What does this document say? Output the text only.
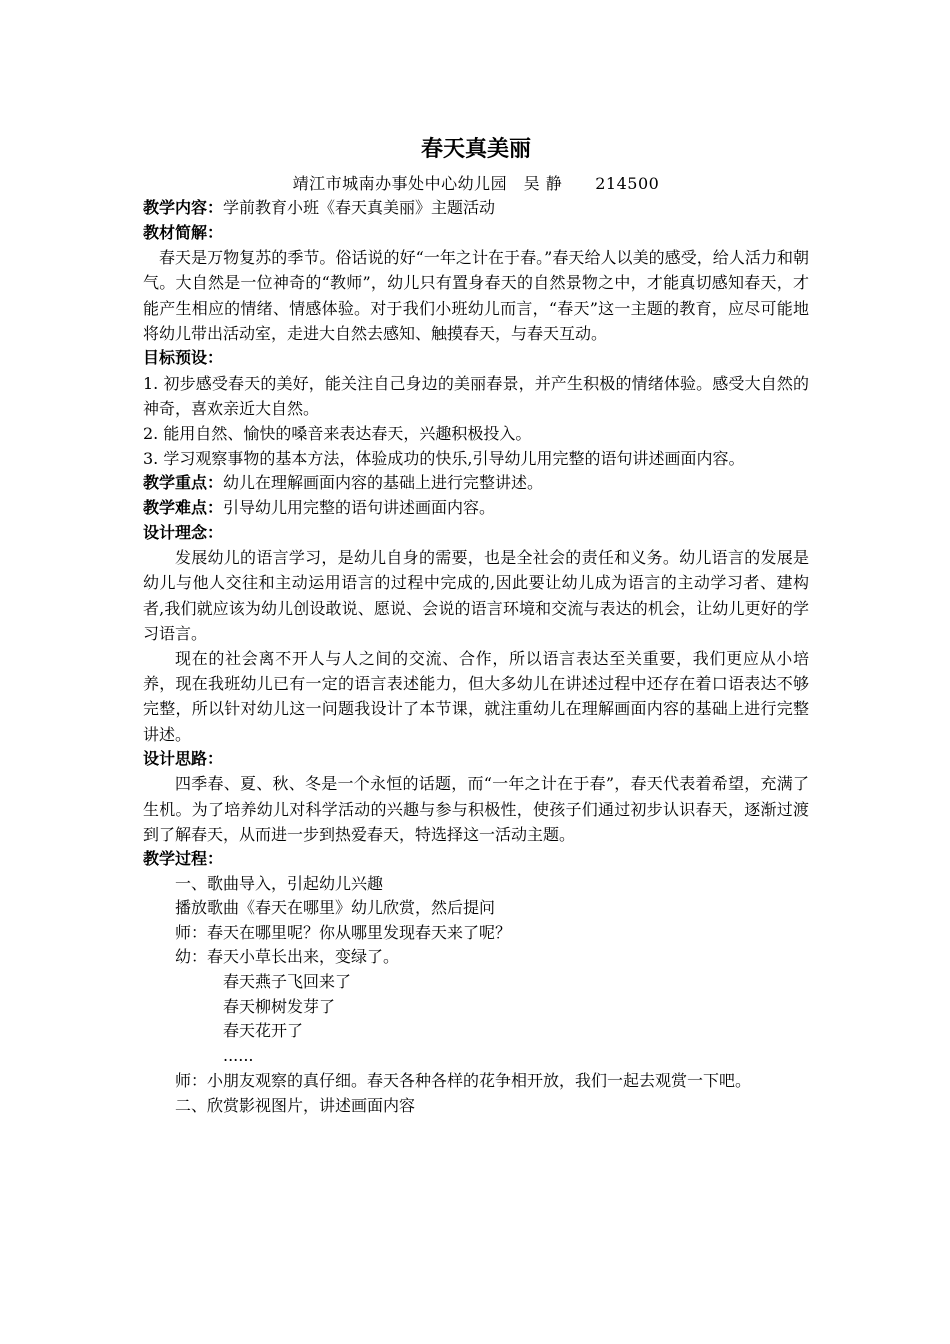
春天真美丽
靖江市城南办事处中心幼儿园　吴 静　　214500
教学内容：学前教育小班《春天真美丽》主题活动
教材简解：
春天是万物复苏的季节。俗话说的好“一年之计在于春。”春天给人以美的感受，给人活力和朝气。大自然是一位神奇的“教师”，幼儿只有置身春天的自然景物之中，才能真切感知春天，才能产生相应的情绪、情感体验。对于我们小班幼儿而言，“春天”这一主题的教育，应尽可能地将幼儿带出活动室，走进大自然去感知、触摸春天，与春天互动。
目标预设：
1. 初步感受春天的美好，能关注自己身边的美丽春景，并产生积极的情绪体验。感受大自然的神奇，喜欢亲近大自然。
2. 能用自然、愉快的嗓音来表达春天，兴趣积极投入。
3. 学习观察事物的基本方法，体验成功的快乐,引导幼儿用完整的语句讲述画面内容。
教学重点：幼儿在理解画面内容的基础上进行完整讲述。
教学难点：引导幼儿用完整的语句讲述画面内容。
设计理念：
发展幼儿的语言学习，是幼儿自身的需要，也是全社会的责任和义务。幼儿语言的发展是幼儿与他人交往和主动运用语言的过程中完成的,因此要让幼儿成为语言的主动学习者、建构者,我们就应该为幼儿创设敢说、愿说、会说的语言环境和交流与表达的机会，让幼儿更好的学习语言。
现在的社会离不开人与人之间的交流、合作，所以语言表达至关重要，我们更应从小培养，现在我班幼儿已有一定的语言表述能力，但大多幼儿在讲述过程中还存在着口语表达不够完整，所以针对幼儿这一问题我设计了本节课，就注重幼儿在理解画面内容的基础上进行完整讲述。
设计思路：
四季春、夏、秋、冬是一个永恒的话题，而“一年之计在于春”，春天代表着希望，充满了生机。为了培养幼儿对科学活动的兴趣与参与积极性，使孩子们通过初步认识春天，逐渐过渡到了解春天，从而进一步到热爱春天，特选择这一活动主题。
教学过程：
一、歌曲导入，引起幼儿兴趣
播放歌曲《春天在哪里》幼儿欣赏，然后提问
师：春天在哪里呢？你从哪里发现春天来了呢？
幼：春天小草长出来，变绿了。
春天燕子飞回来了
春天柳树发芽了
春天花开了
......
师：小朋友观察的真仔细。春天各种各样的花争相开放，我们一起去观赏一下吧。
二、欣赏影视图片，讲述画面内容
